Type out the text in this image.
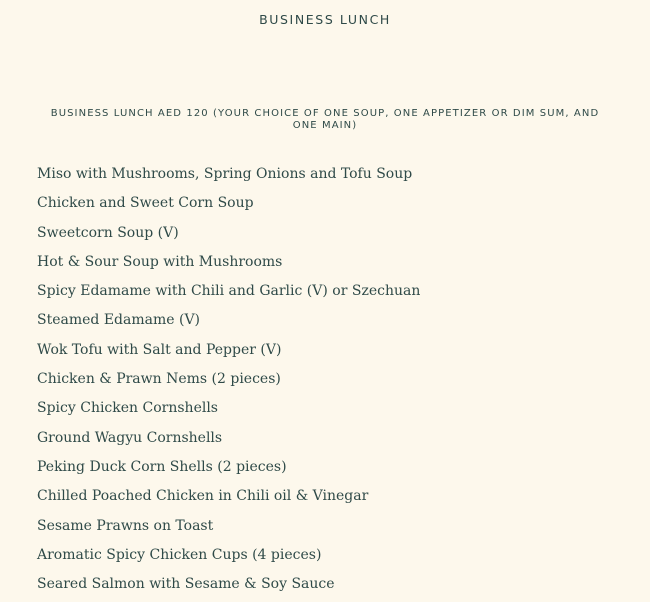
BUSINESS LUNCH
BUSINESS LUNCH AED 120 (YOUR CHOICE OF ONE SOUP, ONE APPETIZER OR DIM SUM, AND ONE MAIN)
Miso with Mushrooms, Spring Onions and Tofu Soup
Chicken and Sweet Corn Soup
Sweetcorn Soup (V)
Hot & Sour Soup with Mushrooms
Spicy Edamame with Chili and Garlic (V) or Szechuan
Steamed Edamame (V)
Wok Tofu with Salt and Pepper (V)
Chicken & Prawn Nems (2 pieces)
Spicy Chicken Cornshells
Ground Wagyu Cornshells
Peking Duck Corn Shells (2 pieces)
Chilled Poached Chicken in Chili oil & Vinegar
Sesame Prawns on Toast
Aromatic Spicy Chicken Cups (4 pieces)
Seared Salmon with Sesame & Soy Sauce
